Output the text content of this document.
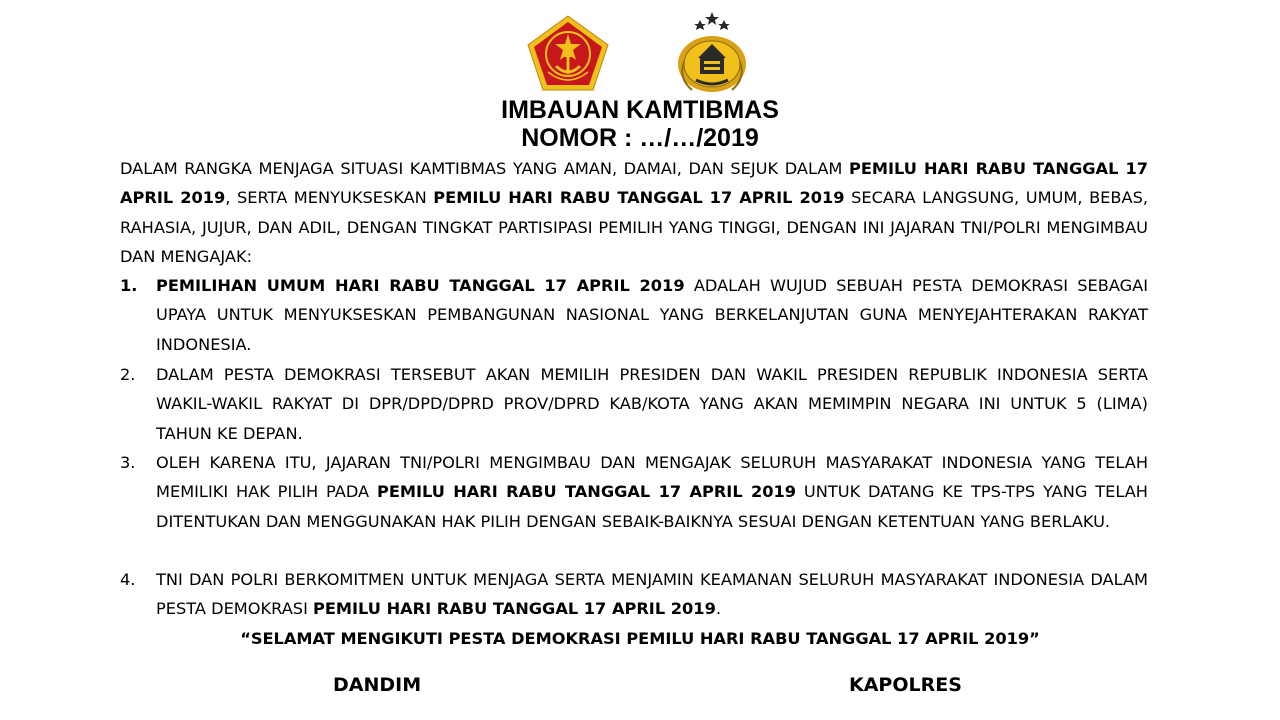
IMBAUAN KAMTIBMAS
NOMOR : …/…/2019
DALAM RANGKA MENJAGA SITUASI KAMTIBMAS YANG AMAN, DAMAI, DAN SEJUK DALAM PEMILU HARI RABU TANGGAL 17 APRIL 2019, SERTA MENYUKSESKAN PEMILU HARI RABU TANGGAL 17 APRIL 2019 SECARA LANGSUNG, UMUM, BEBAS, RAHASIA, JUJUR, DAN ADIL, DENGAN TINGKAT PARTISIPASI PEMILIH YANG TINGGI, DENGAN INI JAJARAN TNI/POLRI MENGIMBAU DAN MENGAJAK:
1.	PEMILIHAN UMUM HARI RABU TANGGAL 17 APRIL 2019 ADALAH WUJUD SEBUAH PESTA DEMOKRASI SEBAGAI UPAYA UNTUK MENYUKSESKAN PEMBANGUNAN NASIONAL YANG BERKELANJUTAN GUNA MENYEJAHTERAKAN RAKYAT INDONESIA.
2.	DALAM PESTA DEMOKRASI TERSEBUT AKAN MEMILIH PRESIDEN DAN WAKIL PRESIDEN REPUBLIK INDONESIA SERTA WAKIL-WAKIL RAKYAT DI DPR/DPD/DPRD PROV/DPRD KAB/KOTA YANG AKAN MEMIMPIN NEGARA INI UNTUK 5 (LIMA) TAHUN KE DEPAN.
3.	OLEH KARENA ITU, JAJARAN TNI/POLRI MENGIMBAU DAN MENGAJAK SELURUH MASYARAKAT INDONESIA YANG TELAH MEMILIKI HAK PILIH PADA PEMILU HARI RABU TANGGAL 17 APRIL 2019 UNTUK DATANG KE TPS-TPS YANG TELAH DITENTUKAN DAN MENGGUNAKAN HAK PILIH DENGAN SEBAIK-BAIKNYA SESUAI DENGAN KETENTUAN YANG BERLAKU.
4.	TNI DAN POLRI BERKOMITMEN UNTUK MENJAGA SERTA MENJAMIN KEAMANAN SELURUH MASYARAKAT INDONESIA DALAM PESTA DEMOKRASI PEMILU HARI RABU TANGGAL 17 APRIL 2019.
“SELAMAT MENGIKUTI PESTA DEMOKRASI PEMILU HARI RABU TANGGAL 17 APRIL 2019”
DANDIM	KAPOLRES
